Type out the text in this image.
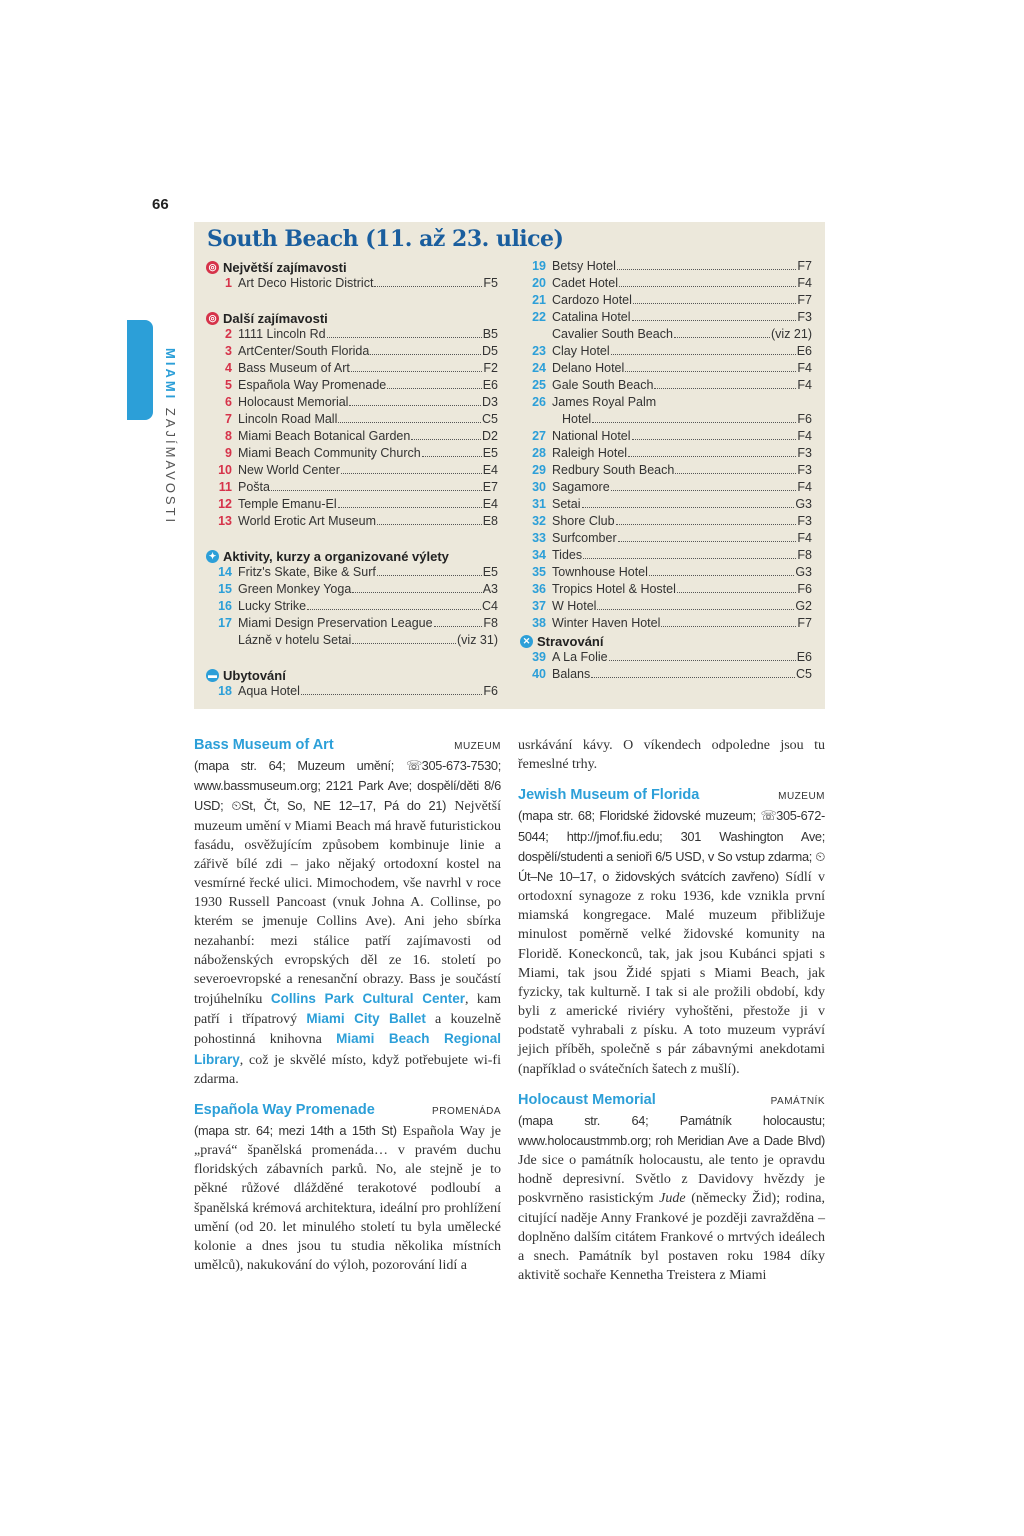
66
MIAMI ZAJÍMAVOSTI
South Beach (11. až 23. ulice)
◎ Největší zajímavosti
1 Art Deco Historic District	F5
◎ Další zajímavosti
2 1111 Lincoln Rd	B5
3 ArtCenter/South Florida	D5
4 Bass Museum of Art	F2
5 Española Way Promenade	E6
6 Holocaust Memorial	D3
7 Lincoln Road Mall	C5
8 Miami Beach Botanical Garden	D2
9 Miami Beach Community Church	E5
10 New World Center	E4
11 Pošta	E7
12 Temple Emanu-El	E4
13 World Erotic Art Museum	E8
✦ Aktivity, kurzy a organizované výlety
14 Fritz's Skate, Bike & Surf	E5
15 Green Monkey Yoga	A3
16 Lucky Strike	C4
17 Miami Design Preservation League	F8
Lázně v hotelu Setai	(viz 31)
▬ Ubytování
18 Aqua Hotel	F6
19 Betsy Hotel	F7
20 Cadet Hotel	F4
21 Cardozo Hotel	F7
22 Catalina Hotel	F3
Cavalier South Beach	(viz 21)
23 Clay Hotel	E6
24 Delano Hotel	F4
25 Gale South Beach	F4
26 James Royal Palm
Hotel	F6
27 National Hotel	F4
28 Raleigh Hotel	F3
29 Redbury South Beach	F3
30 Sagamore	F4
31 Setai	G3
32 Shore Club	F3
33 Surfcomber	F4
34 Tides	F8
35 Townhouse Hotel	G3
36 Tropics Hotel & Hostel	F6
37 W Hotel	G2
38 Winter Haven Hotel	F7
✕ Stravování
39 A La Folie	E6
40 Balans	C5
Bass Museum of Art	MUZEUM

(mapa str. 64; Muzeum umění; ☏305-673-7530; www.bassmuseum.org; 2121 Park Ave; dospělí/děti 8/6 USD; ⏲St, Čt, So, NE 12–17, Pá do 21) Největší muzeum umění v Miami Beach má hravě futuristickou fasádu, osvěžujícím způsobem kombinuje linie a zářivě bílé zdi – jako nějaký ortodoxní kostel na vesmírné řecké ulici. Mimochodem, vše navrhl v roce 1930 Russell Pancoast (vnuk Johna A. Collinse, po kterém se jmenuje Collins Ave). Ani jeho sbírka nezahanbí: mezi stálice patří zajímavosti od náboženských evropských děl ze 16. století po severoevropské a renesanční obrazy. Bass je součástí trojúhelníku Collins Park Cultural Center, kam patří i třípatrový Miami City Ballet a kouzelně pohostinná knihovna Miami Beach Regional Library, což je skvělé místo, když potřebujete wi-fi zdarma.

Española Way Promenade	PROMENÁDA

(mapa str. 64; mezi 14th a 15th St) Española Way je „pravá“ španělská promenáda… v pravém duchu floridských zábavních parků. No, ale stejně je to pěkné růžové dlážděné terakotové podloubí a španělská krémová architektura, ideální pro prohlížení umění (od 20. let minulého století tu byla umělecké kolonie a dnes jsou tu studia několika místních umělců), nakukování do výloh, pozorování lidí a

usrkávání kávy. O víkendech odpoledne jsou tu řemeslné trhy.

Jewish Museum of Florida	MUZEUM

(mapa str. 68; Floridské židovské muzeum; ☏305-672-5044; http://jmof.fiu.edu; 301 Washington Ave; dospělí/studenti a senioři 6/5 USD, v So vstup zdarma; ⏲Út–Ne 10–17, o židovských svátcích zavřeno) Sídlí v ortodoxní synagoze z roku 1936, kde vznikla první miamská kongregace. Malé muzeum přibližuje minulost poměrně velké židovské komunity na Floridě. Koneckonců, tak, jak jsou Kubánci spjati s Miami, tak jsou Židé spjati s Miami Beach, jak fyzicky, tak kulturně. I tak si ale prožili období, kdy byli z americké riviéry vyhoštěni, přestože ji v podstatě vyhrabali z písku. A toto muzeum vypráví jejich příběh, společně s pár zábavnými anekdotami (například o svátečních šatech z mušlí).

Holocaust Memorial	PAMÁTNÍK

(mapa str. 64; Památník holocaustu; www.holocaustmmb.org; roh Meridian Ave a Dade Blvd) Jde sice o památník holocaustu, ale tento je opravdu hodně depresivní. Světlo z Davidovy hvězdy je poskvrněno rasistickým Jude (německy Žid); rodina, citující naděje Anny Frankové je později zavražděna – doplněno dalším citátem Frankové o mrtvých ideálech a snech. Památník byl postaven roku 1984 díky aktivitě sochaře Kennetha Treistera z Miami
